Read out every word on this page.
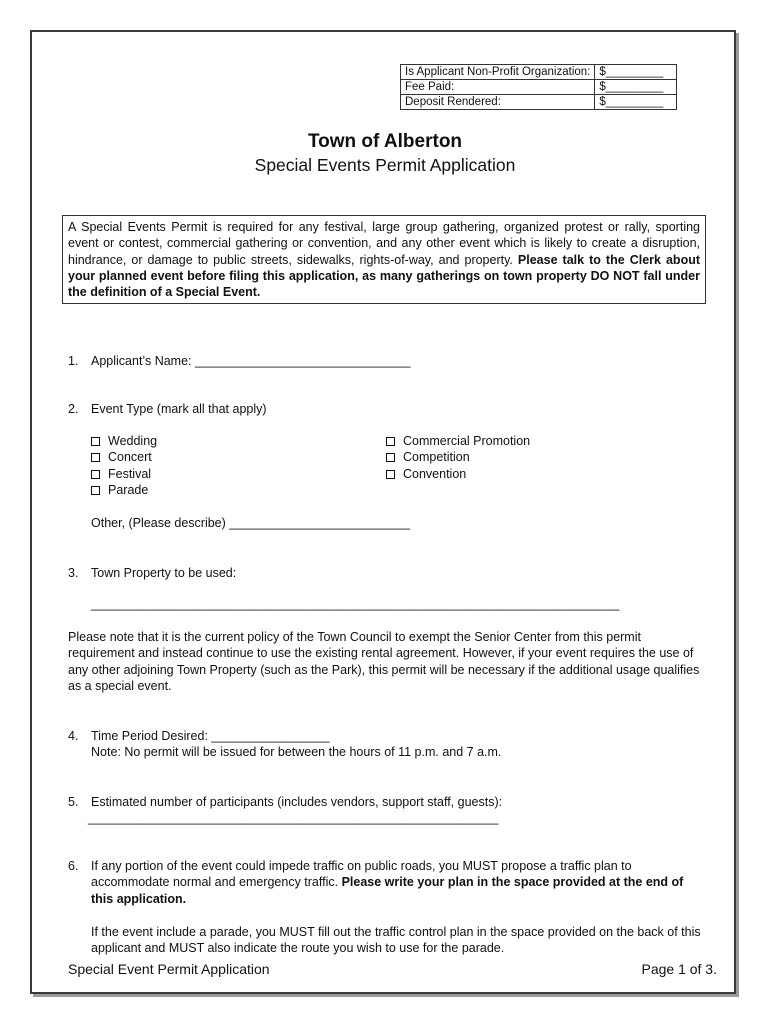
Is Applicant Non-Profit Organization:	$_________
Fee Paid:	$_________
Deposit Rendered:	$_________
Town of Alberton
Special Events Permit Application
A Special Events Permit is required for any festival, large group gathering, organized protest or rally, sporting event or contest, commercial gathering or convention, and any other event which is likely to create a disruption, hindrance, or damage to public streets, sidewalks, rights-of-way, and property. Please talk to the Clerk about your planned event before filing this application, as many gatherings on town property DO NOT fall under the definition of a Special Event.
1. Applicant’s Name: _______________________________
2. Event Type (mark all that apply)
Wedding
Concert
Festival
Parade
Commercial Promotion
Competition
Convention
Other, (Please describe) __________________________
3. Town Property to be used:
____________________________________________________________________________
Please note that it is the current policy of the Town Council to exempt the Senior Center from this permit requirement and instead continue to use the existing rental agreement. However, if your event requires the use of any other adjoining Town Property (such as the Park), this permit will be necessary if the additional usage qualifies as a special event.
4. Time Period Desired: _________________
Note: No permit will be issued for between the hours of 11 p.m. and 7 a.m.
5. Estimated number of participants (includes vendors, support staff, guests):
___________________________________________________________
6. If any portion of the event could impede traffic on public roads, you MUST propose a traffic plan to accommodate normal and emergency traffic. Please write your plan in the space provided at the end of this application.
If the event include a parade, you MUST fill out the traffic control plan in the space provided on the back of this applicant and MUST also indicate the route you wish to use for the parade.
Special Event Permit Application	Page 1 of 3.
